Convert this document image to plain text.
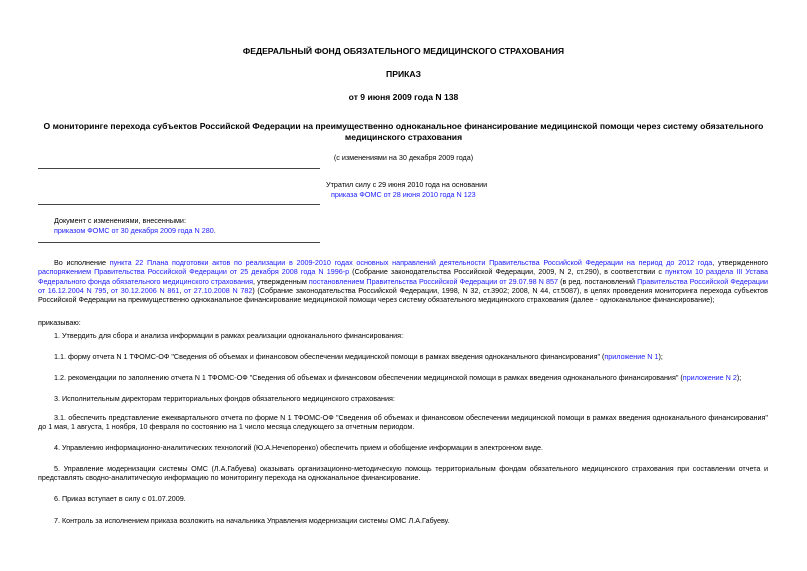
ФЕДЕРАЛЬНЫЙ ФОНД ОБЯЗАТЕЛЬНОГО МЕДИЦИНСКОГО СТРАХОВАНИЯ
ПРИКАЗ
от 9 июня 2009 года N 138
О мониторинге перехода субъектов Российской Федерации на преимущественно одноканальное финансирование медицинской помощи через систему обязательного медицинского страхования
(с изменениями на 30 декабря 2009 года)
Утратил силу с 29 июня 2010 года на основании
приказа ФОМС от 28 июня 2010 года N 123
Документ с изменениями, внесенными:
приказом ФОМС от 30 декабря 2009 года N 280.

Во исполнение пункта 22 Плана подготовки актов по реализации в 2009-2010 годах основных направлений деятельности Правительства Российской Федерации на период до 2012 года, утвержденного распоряжением Правительства Российской Федерации от 25 декабря 2008 года N 1996-р (Собрание законодательства Российской Федерации, 2009, N 2, ст.290), в соответствии с пунктом 10 раздела III Устава Федерального фонда обязательного медицинского страхования, утвержденным постановлением Правительства Российской Федерации от 29.07.98 N 857 (в ред. постановлений Правительства Российской Федерации от 16.12.2004 N 795, от 30.12.2006 N 861, от 27.10.2008 N 782) (Собрание законодательства Российской Федерации, 1998, N 32, ст.3902; 2008, N 44, ст.5087), в целях проведения мониторинга перехода субъектов Российской Федерации на преимущественно одноканальное финансирование медицинской помощи через систему обязательного медицинского страхования (далее - одноканальное финансирование);

приказываю:
1. Утвердить для сбора и анализа информации в рамках реализации одноканального финансирования:
1.1. форму отчета N 1 ТФОМС-ОФ "Сведения об объемах и финансовом обеспечении медицинской помощи в рамках введения одноканального финансирования" (приложение N 1);
1.2. рекомендации по заполнению отчета N 1 ТФОМС-ОФ "Сведения об объемах и финансовом обеспечении медицинской помощи в рамках введения одноканального финансирования" (приложение N 2);
3. Исполнительным директорам территориальных фондов обязательного медицинского страхования:

3.1. обеспечить представление ежеквартального отчета по форме N 1 ТФОМС-ОФ "Сведения об объемах и финансовом обеспечении медицинской помощи в рамках введения одноканального финансирования" до 1 мая, 1 августа, 1 ноября, 10 февраля по состоянию на 1 число месяца следующего за отчетным периодом.

4. Управлению информационно-аналитических технологий (Ю.А.Нечепоренко) обеспечить прием и обобщение информации в электронном виде.

5. Управление модернизации системы ОМС (Л.А.Габуева) оказывать организационно-методическую помощь территориальным фондам обязательного медицинского страхования при составлении отчета и представлять сводно-аналитическую информацию по мониторингу перехода на одноканальное финансирование.

6. Приказ вступает в силу с 01.07.2009.
7. Контроль за исполнением приказа возложить на начальника Управления модернизации системы ОМС Л.А.Габуеву.
